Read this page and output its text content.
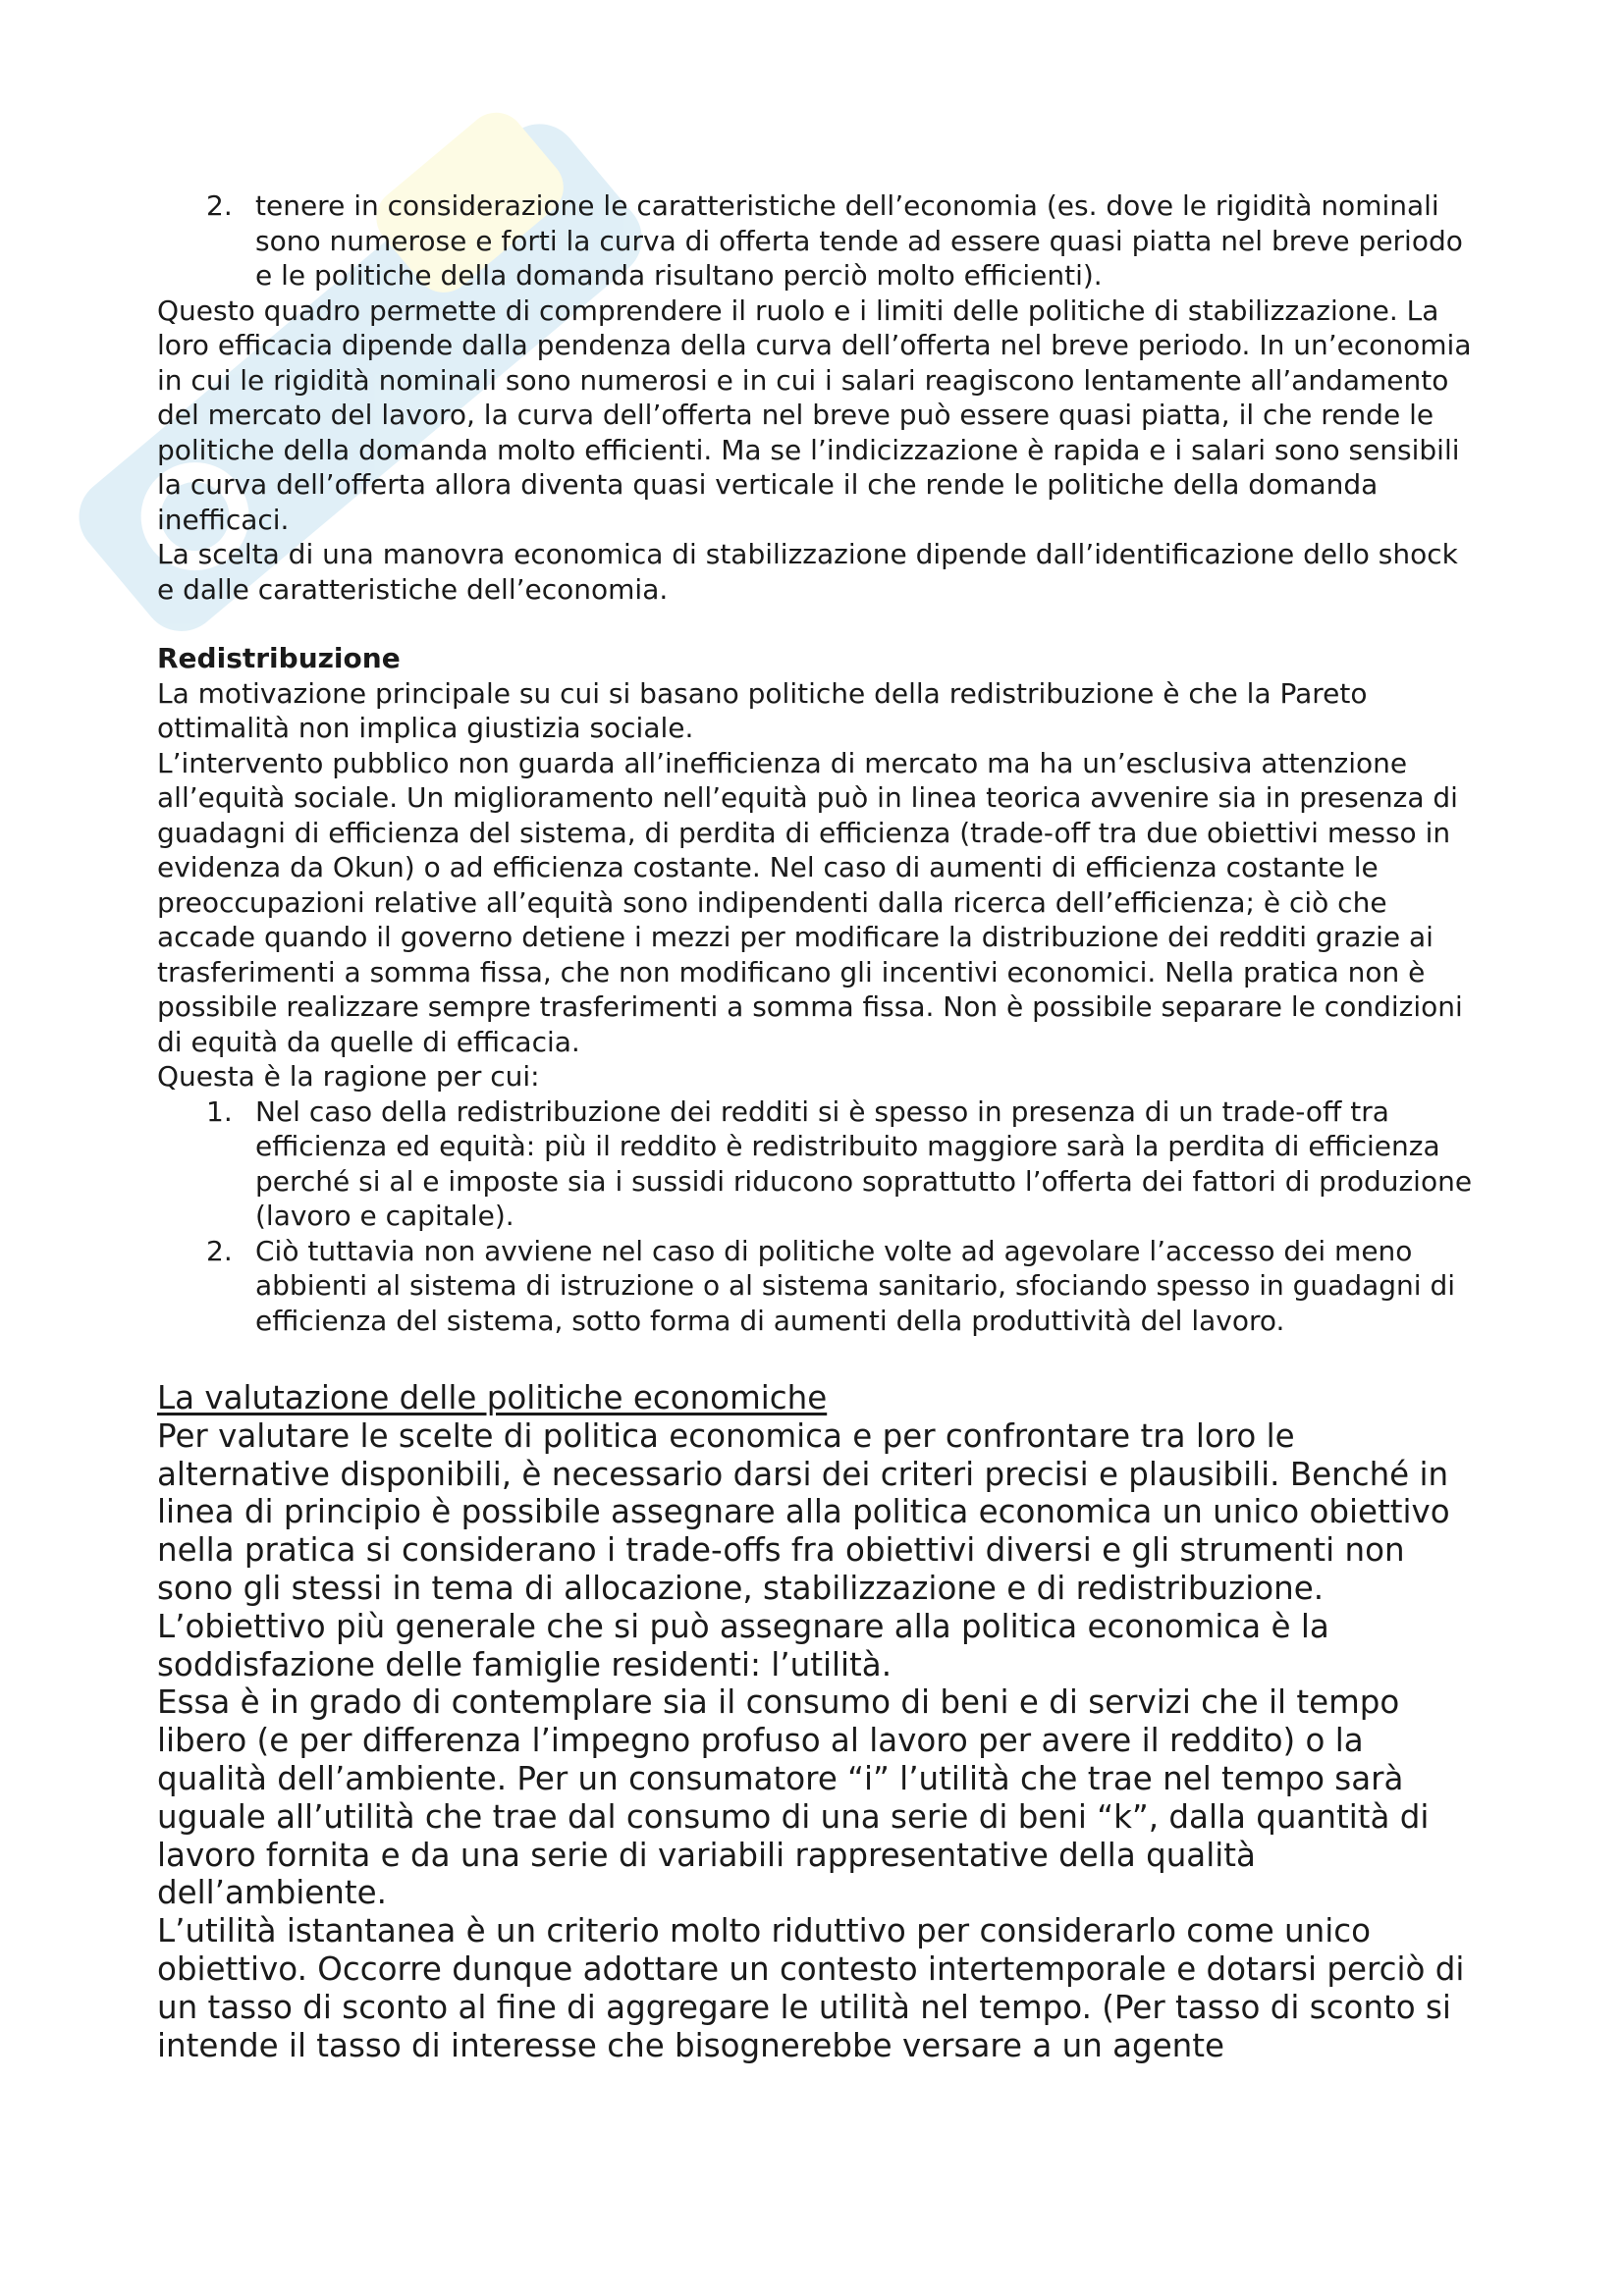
2. tenere in considerazione le caratteristiche dell’economia (es. dove le rigidità nominali sono numerose e forti la curva di offerta tende ad essere quasi piatta nel breve periodo e le politiche della domanda risultano perciò molto efficienti).

Questo quadro permette di comprendere il ruolo e i limiti delle politiche di stabilizzazione. La loro efficacia dipende dalla pendenza della curva dell’offerta nel breve periodo. In un’economia in cui le rigidità nominali sono numerosi e in cui i salari reagiscono lentamente all’andamento del mercato del lavoro, la curva dell’offerta nel breve può essere quasi piatta, il che rende le politiche della domanda molto efficienti. Ma se l’indicizzazione è rapida e i salari sono sensibili la curva dell’offerta allora diventa quasi verticale il che rende le politiche della domanda inefficaci.

La scelta di una manovra economica di stabilizzazione dipende dall’identificazione dello shock e dalle caratteristiche dell’economia.

Redistribuzione

La motivazione principale su cui si basano politiche della redistribuzione è che la Pareto ottimalità non implica giustizia sociale.

L’intervento pubblico non guarda all’inefficienza di mercato ma ha un’esclusiva attenzione all’equità sociale. Un miglioramento nell’equità può in linea teorica avvenire sia in presenza di guadagni di efficienza del sistema, di perdita di efficienza (trade-off tra due obiettivi messo in evidenza da Okun) o ad efficienza costante. Nel caso di aumenti di efficienza costante le preoccupazioni relative all’equità sono indipendenti dalla ricerca dell’efficienza; è ciò che accade quando il governo detiene i mezzi per modificare la distribuzione dei redditi grazie ai trasferimenti a somma fissa, che non modificano gli incentivi economici. Nella pratica non è possibile realizzare sempre trasferimenti a somma fissa. Non è possibile separare le condizioni di equità da quelle di efficacia.

Questa è la ragione per cui:

1. Nel caso della redistribuzione dei redditi si è spesso in presenza di un trade-off tra efficienza ed equità: più il reddito è redistribuito maggiore sarà la perdita di efficienza perché si al e imposte sia i sussidi riducono soprattutto l’offerta dei fattori di produzione (lavoro e capitale).

2. Ciò tuttavia non avviene nel caso di politiche volte ad agevolare l’accesso dei meno abbienti al sistema di istruzione o al sistema sanitario, sfociando spesso in guadagni di efficienza del sistema, sotto forma di aumenti della produttività del lavoro.

La valutazione delle politiche economiche

Per valutare le scelte di politica economica e per confrontare tra loro le alternative disponibili, è necessario darsi dei criteri precisi e plausibili. Benché in linea di principio è possibile assegnare alla politica economica un unico obiettivo nella pratica si considerano i trade-offs fra obiettivi diversi e gli strumenti non sono gli stessi in tema di allocazione, stabilizzazione e di redistribuzione. L’obiettivo più generale che si può assegnare alla politica economica è la soddisfazione delle famiglie residenti: l’utilità.

Essa è in grado di contemplare sia il consumo di beni e di servizi che il tempo libero (e per differenza l’impegno profuso al lavoro per avere il reddito) o la qualità dell’ambiente. Per un consumatore “i” l’utilità che trae nel tempo sarà uguale all’utilità che trae dal consumo di una serie di beni “k”, dalla quantità di lavoro fornita e da una serie di variabili rappresentative della qualità dell’ambiente.

L’utilità istantanea è un criterio molto riduttivo per considerarlo come unico obiettivo. Occorre dunque adottare un contesto intertemporale e dotarsi perciò di un tasso di sconto al fine di aggregare le utilità nel tempo. (Per tasso di sconto si intende il tasso di interesse che bisognerebbe versare a un agente
